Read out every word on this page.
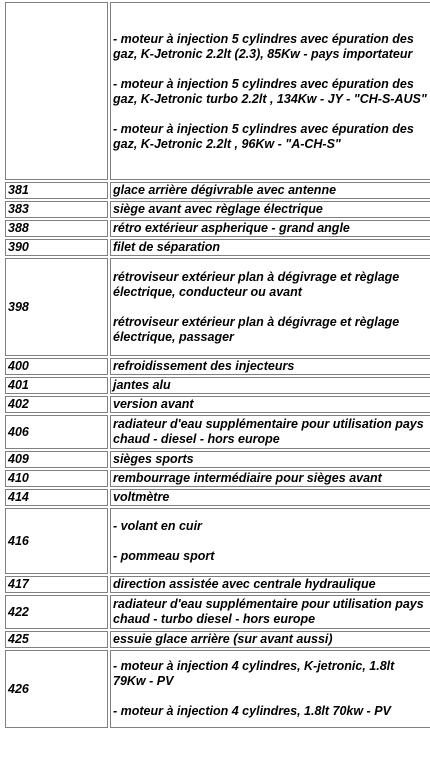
	- moteur à injection 5 cylindres avec épuration des gaz, K-Jetronic 2.2lt (2.3), 85Kw - pays importateur

- moteur à injection 5 cylindres avec épuration des gaz, K-Jetronic turbo 2.2lt , 134Kw - JY - "CH-S-AUS"

- moteur à injection 5 cylindres avec épuration des gaz, K-Jetronic 2.2lt , 96Kw - "A-CH-S"

381	glace arrière dégivrable avec antenne

383	siège avant avec règlage électrique

388	rétro extérieur aspherique - grand angle

390	filet de séparation

398	rétroviseur extérieur plan à dégivrage et règlage électrique, conducteur ou avant

rétroviseur extérieur plan à dégivrage et règlage électrique, passager

400	refroidissement des injecteurs

401	jantes alu

402	version avant

406	radiateur d'eau supplémentaire pour utilisation pays chaud - diesel - hors europe

409	sièges sports

410	rembourrage intermédiaire pour sièges avant

414	voltmètre

416	- volant en cuir

- pommeau sport

417	direction assistée avec centrale hydraulique

422	radiateur d'eau supplémentaire pour utilisation pays chaud - turbo diesel - hors europe

425	essuie glace arrière (sur avant aussi)

426	- moteur à injection 4 cylindres, K-jetronic, 1.8lt 79Kw - PV

- moteur à injection 4 cylindres, 1.8lt 70kw - PV
